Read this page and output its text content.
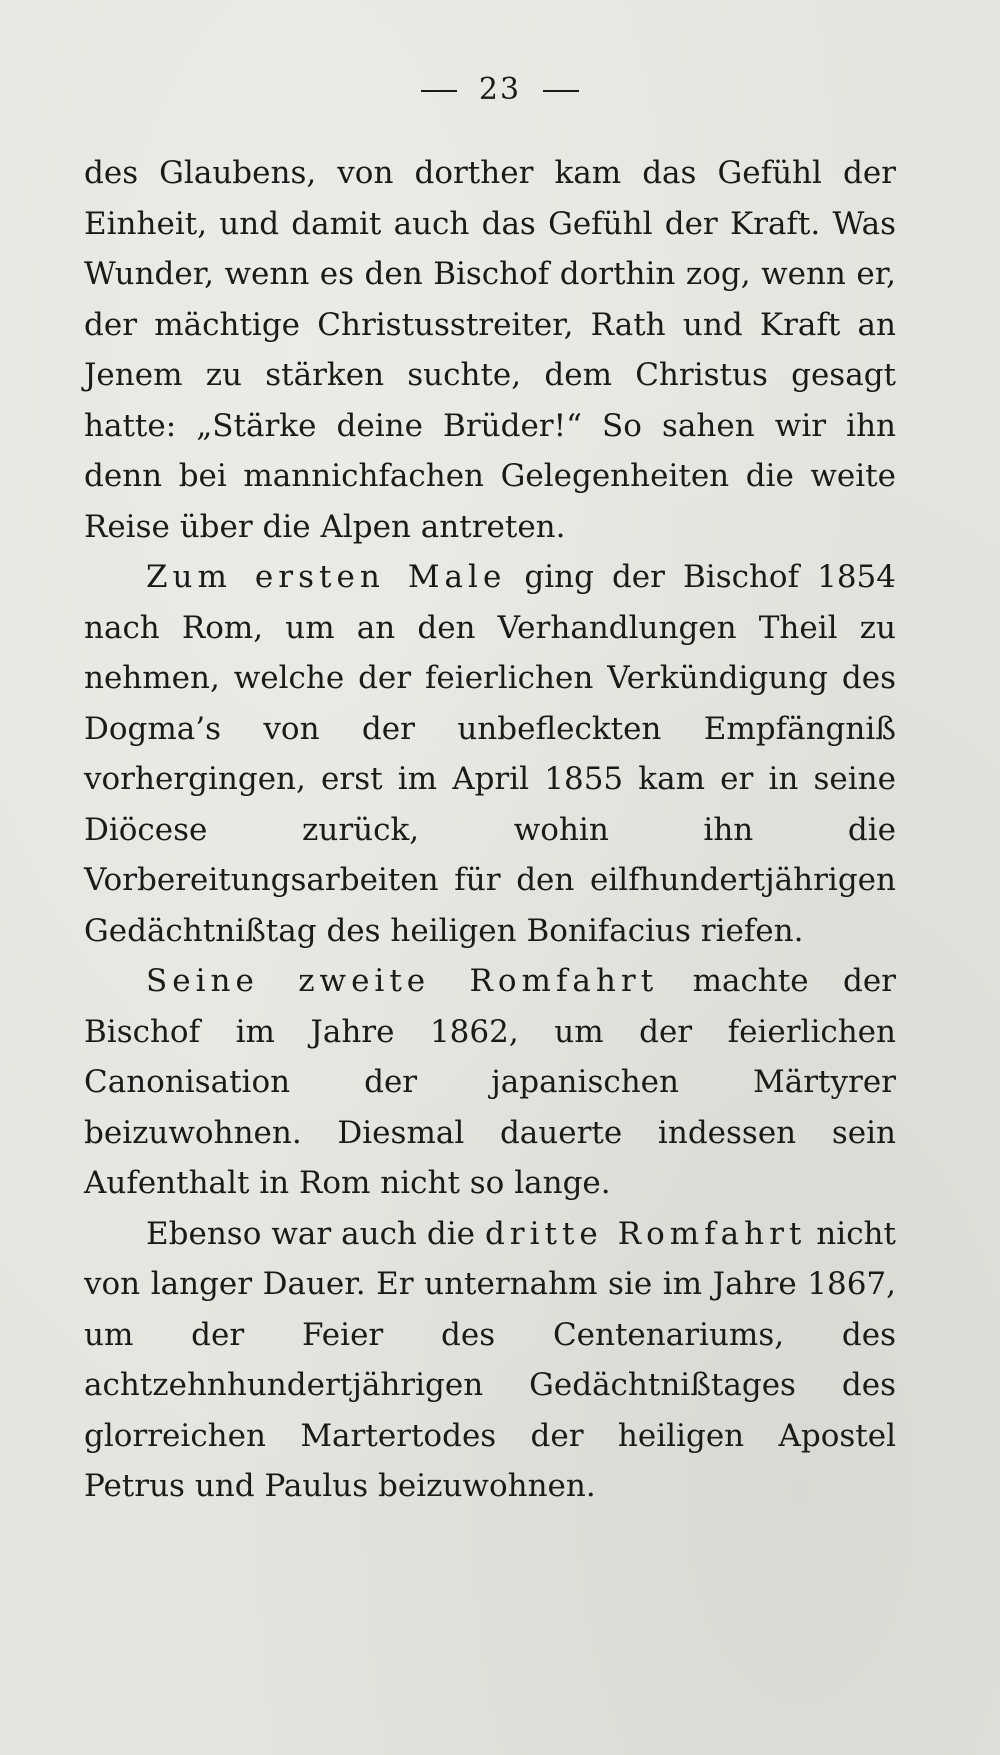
23

des Glaubens, von dorther kam das Gefühl der Einheit, und damit auch das Gefühl der Kraft. Was Wunder, wenn es den Bischof dorthin zog, wenn er, der mächtige Christusstreiter, Rath und Kraft an Jenem zu stärken suchte, dem Christus gesagt hatte: „Stärke deine Brüder!“ So sahen wir ihn denn bei mannichfachen Gelegenheiten die weite Reise über die Alpen antreten.

Zum ersten Male ging der Bischof 1854 nach Rom, um an den Verhandlungen Theil zu nehmen, welche der feierlichen Verkündigung des Dogma’s von der unbefleckten Empfängniß vorhergingen, erst im April 1855 kam er in seine Diöcese zurück, wohin ihn die Vorbereitungsarbeiten für den eilfhundertjährigen Gedächtnißtag des heiligen Bonifacius riefen.

Seine zweite Romfahrt machte der Bischof im Jahre 1862, um der feierlichen Canonisation der japanischen Märtyrer beizuwohnen. Diesmal dauerte indessen sein Aufenthalt in Rom nicht so lange.

Ebenso war auch die dritte Romfahrt nicht von langer Dauer. Er unternahm sie im Jahre 1867, um der Feier des Centenariums, des achtzehnhundertjährigen Gedächtnißtages des glorreichen Martertodes der heiligen Apostel Petrus und Paulus beizuwohnen.
